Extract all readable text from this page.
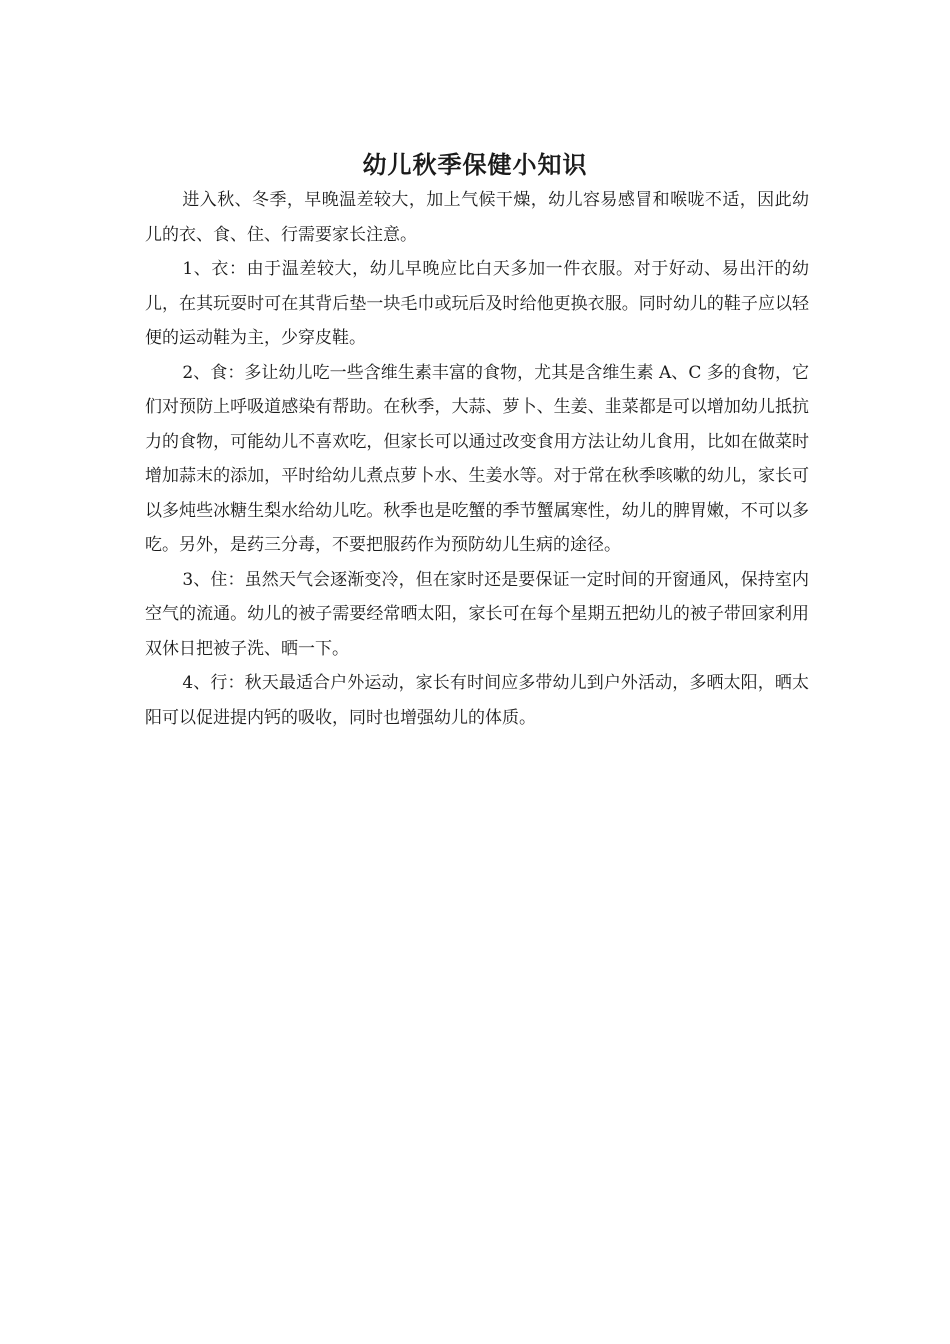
幼儿秋季保健小知识

进入秋、冬季，早晚温差较大，加上气候干燥，幼儿容易感冒和喉咙不适，因此幼儿的衣、食、住、行需要家长注意。

1、衣：由于温差较大，幼儿早晚应比白天多加一件衣服。对于好动、易出汗的幼儿，在其玩耍时可在其背后垫一块毛巾或玩后及时给他更换衣服。同时幼儿的鞋子应以轻便的运动鞋为主，少穿皮鞋。

2、食：多让幼儿吃一些含维生素丰富的食物，尤其是含维生素 A、C 多的食物，它们对预防上呼吸道感染有帮助。在秋季，大蒜、萝卜、生姜、韭菜都是可以增加幼儿抵抗力的食物，可能幼儿不喜欢吃，但家长可以通过改变食用方法让幼儿食用，比如在做菜时增加蒜末的添加，平时给幼儿煮点萝卜水、生姜水等。对于常在秋季咳嗽的幼儿，家长可以多炖些冰糖生梨水给幼儿吃。秋季也是吃蟹的季节蟹属寒性，幼儿的脾胃嫩，不可以多吃。另外，是药三分毒，不要把服药作为预防幼儿生病的途径。

3、住：虽然天气会逐渐变冷，但在家时还是要保证一定时间的开窗通风，保持室内空气的流通。幼儿的被子需要经常晒太阳，家长可在每个星期五把幼儿的被子带回家利用双休日把被子洗、晒一下。

4、行：秋天最适合户外运动，家长有时间应多带幼儿到户外活动，多晒太阳，晒太阳可以促进提内钙的吸收，同时也增强幼儿的体质。
